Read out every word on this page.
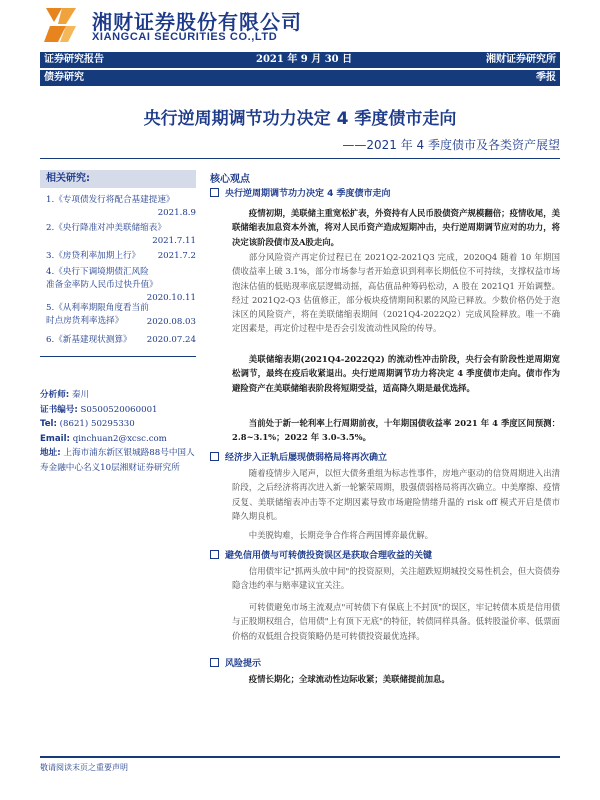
湘财证券股份有限公司
XIANGCAI SECURITIES CO.,LTD
证券研究报告	2021 年 9 月 30 日	湘财证券研究所
债券研究	季报
央行逆周期调节功力决定 4 季度债市走向
——2021 年 4 季度债市及各类资产展望
相关研究:
1.《专项债发行将配合基建提速》
2021.8.9
2.《央行降准对冲美联储缩表》
2021.7.11
3.《房贷利率加期上行》	2021.7.2
4.《央行下调境期债汇风险准备金率防人民币过快升值》
2020.10.11
5.《从利率期限角度看当前时点房货利率选择》	2020.08.03
6.《新基建现状测算》	2020.07.24
分析师: 秦川
证书编号: S0500520060001
Tel: (8621) 50295330
Email: qinchuan2@xcsc.com
地址: 上海市浦东新区银城路88号中国人寿金融中心名义10层湘财证券研究所
核心观点
央行逆周期调节功力决定 4 季度债市走向
疫情初期，美联储主重宽松扩表，外资持有人民币股债资产规模翻倍；疫情收尾，美联储缩表加息资本外流，将对人民币资产造成短期冲击，央行逆周期调节应对的功力，将决定该阶段债市及A股走向。
部分风险资产再定价过程已在 2021Q2-2021Q3 完成，2020Q4 随着 10 年期国债收益率上破 3.1%，部分市场参与者开始意识到利率长期低位不可持续，支撑权益市场泡沫估值的低贴现率底层逻辑动摇，高估值品种筹码松动，A 股在 2021Q1 开始调整。经过 2021Q2-Q3 估值修正，部分板块疫情期间积累的风险已释放。少数价格仍处于泡沫区的风险资产，将在美联储缩表期间（2021Q4-2022Q2）完成风险释放。唯一不确定因素是，再定价过程中是否会引发流动性风险的传导。
美联储缩表期(2021Q4-2022Q2) 的流动性冲击阶段，央行会有阶段性逆周期宽松调节，最终在疫后收紧退出。央行逆周期调节功力将决定 4 季度债市走向。债市作为避险资产在美联储缩表阶段将短期受益，适高降久期是最优选择。
当前处于新一轮利率上行周期前夜，十年期国债收益率 2021 年 4 季度区间预测：2.8~3.1%；2022 年 3.0-3.5%。
经济步入正轨后屡现债弱格局将再次确立
随着疫情步入尾声，以恒大债务重组为标志性事件，房地产驱动的信贷周期进入出清阶段，之后经济将再次进入新一轮繁荣周期，股强债弱格局将再次确立。中美摩擦、疫情反复、美联储缩表冲击等不定期因素导致市场避险情绪升温的 risk off 模式开启是债市降久期良机。
中美脱钩难，长期竞争合作将合两国博弈最优解。
避免信用债与可转债投资误区是获取合理收益的关键
信用债牢记"抓两头放中间"的投资原则，关注超跌短期城投交易性机会，但大资债券隐含违约率与赔率建议宜关注。
可转债避免市场主流观点"可转债下有保底上不封顶"的误区，牢记转债本质是信用债与正股期权组合，信用债"上有顶下无底"的特征，转债同样具备。低转股溢价率、低票面价格的双低组合投资策略仍是可转债投资最优选择。
风险提示
疫情长期化；全球流动性边际收紧；美联储提前加息。
敬请阅读末页之重要声明
